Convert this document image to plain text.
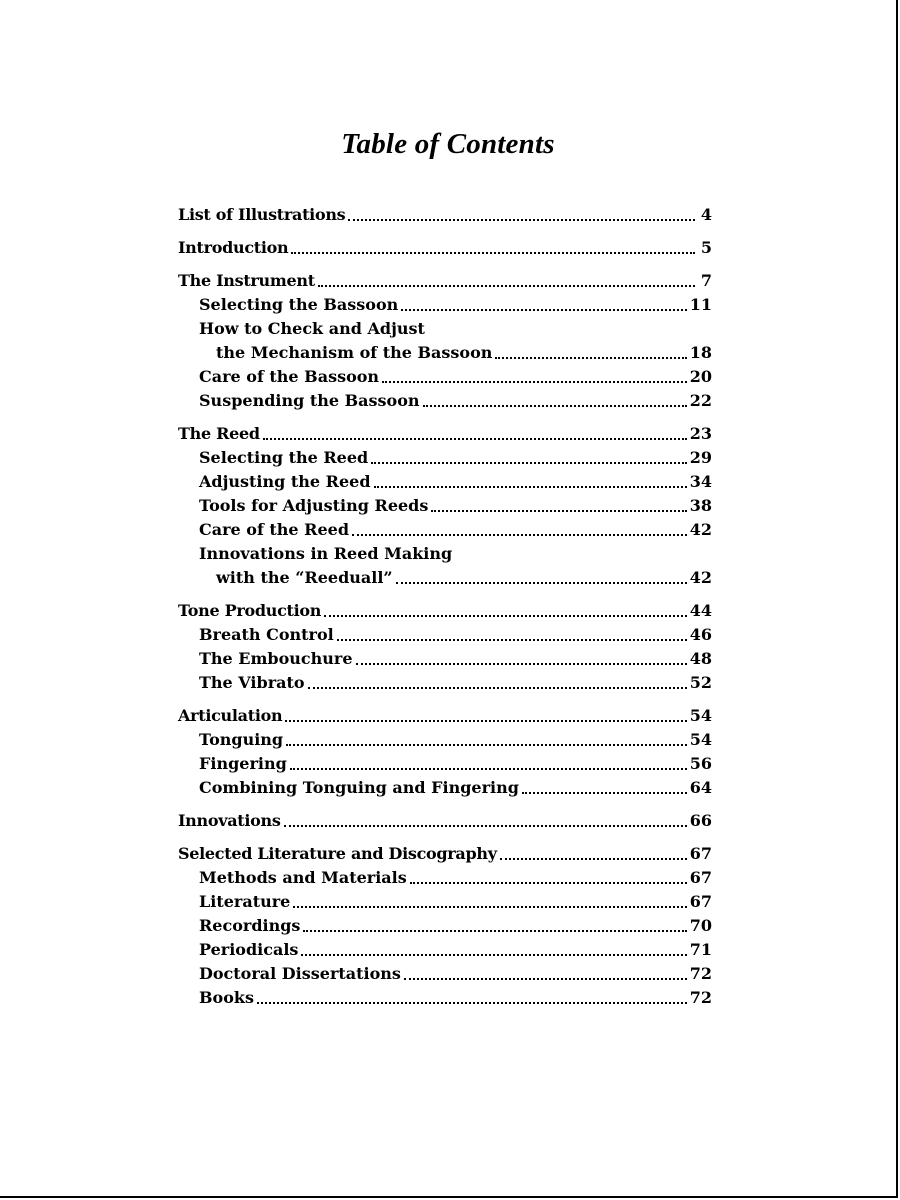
Table of Contents
List of Illustrations	4
Introduction	5
The Instrument	7
Selecting the Bassoon	11
How to Check and Adjust
the Mechanism of the Bassoon	18
Care of the Bassoon	20
Suspending the Bassoon	22
The Reed	23
Selecting the Reed	29
Adjusting the Reed	34
Tools for Adjusting Reeds	38
Care of the Reed	42
Innovations in Reed Making
with the “Reeduall”	42
Tone Production	44
Breath Control	46
The Embouchure	48
The Vibrato	52
Articulation	54
Tonguing	54
Fingering	56
Combining Tonguing and Fingering	64
Innovations	66
Selected Literature and Discography	67
Methods and Materials	67
Literature	67
Recordings	70
Periodicals	71
Doctoral Dissertations	72
Books	72
